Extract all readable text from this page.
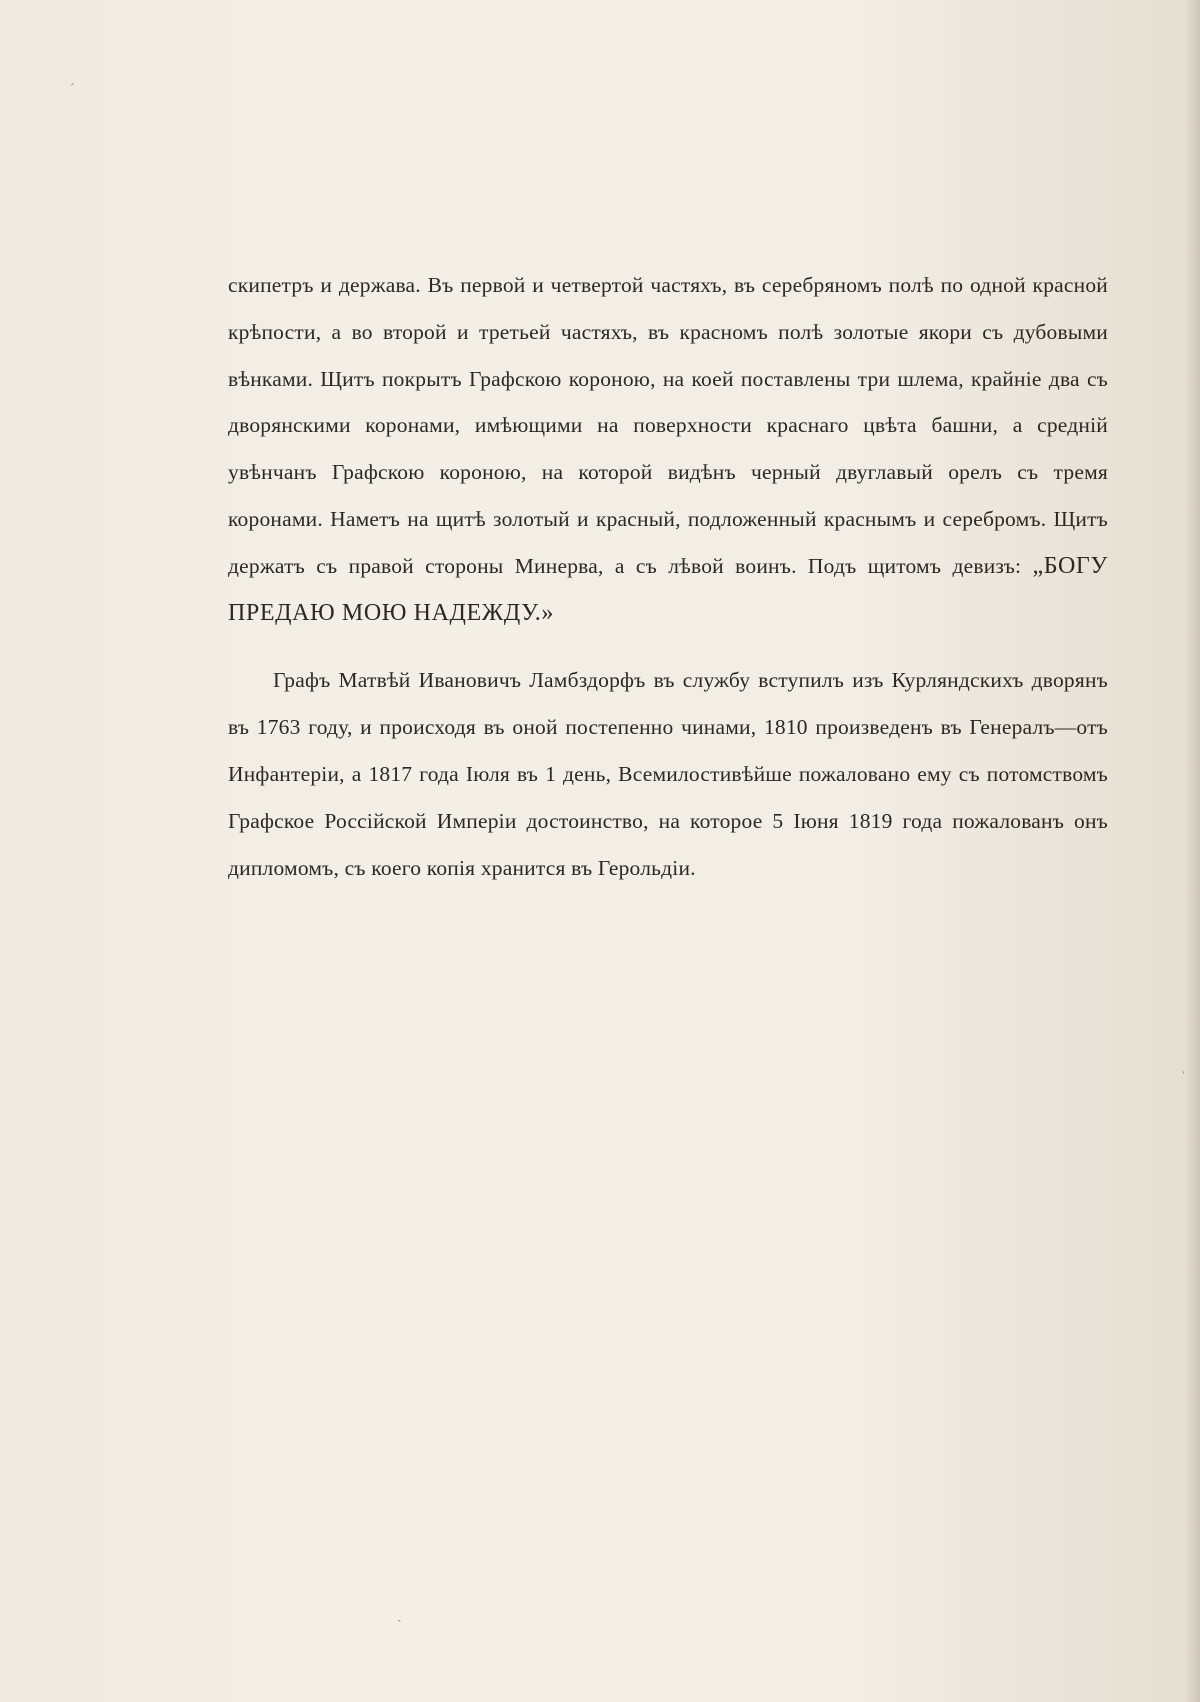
ˊ
ˈ
ˏ

скипетръ и держава. Въ первой и четвертой частяхъ, въ серебряномъ полѣ по одной красной крѣпости, а во второй и третьей частяхъ, въ красномъ полѣ золотые якори съ дубовыми вѣнками. Щитъ покрытъ Графскою короною, на коей поставлены три шлема, крайніе два съ дворянскими коронами, имѣющими на поверхности краснаго цвѣта башни, а средній увѣнчанъ Графскою короною, на которой видѣнъ черный двуглавый орелъ съ тремя коронами. Наметъ на щитѣ золотый и красный, подложенный краснымъ и серебромъ. Щитъ держатъ съ правой стороны Минерва, а съ лѣвой воинъ. Подъ щитомъ девизъ: „БОГУ ПРЕДАЮ МОЮ НАДЕЖДУ.»

Графъ Матвѣй Ивановичъ Ламбздорфъ въ службу вступилъ изъ Курляндскихъ дворянъ въ 1763 году, и происходя въ оной постепенно чинами, 1810 произведенъ въ Генералъ—отъ Инфантеріи, а 1817 года Іюля въ 1 день, Всемилостивѣйше пожаловано ему съ потомствомъ Графское Россійской Имперіи достоинство, на которое 5 Іюня 1819 года пожалованъ онъ дипломомъ, съ коего копія хранится въ Герольдіи.
